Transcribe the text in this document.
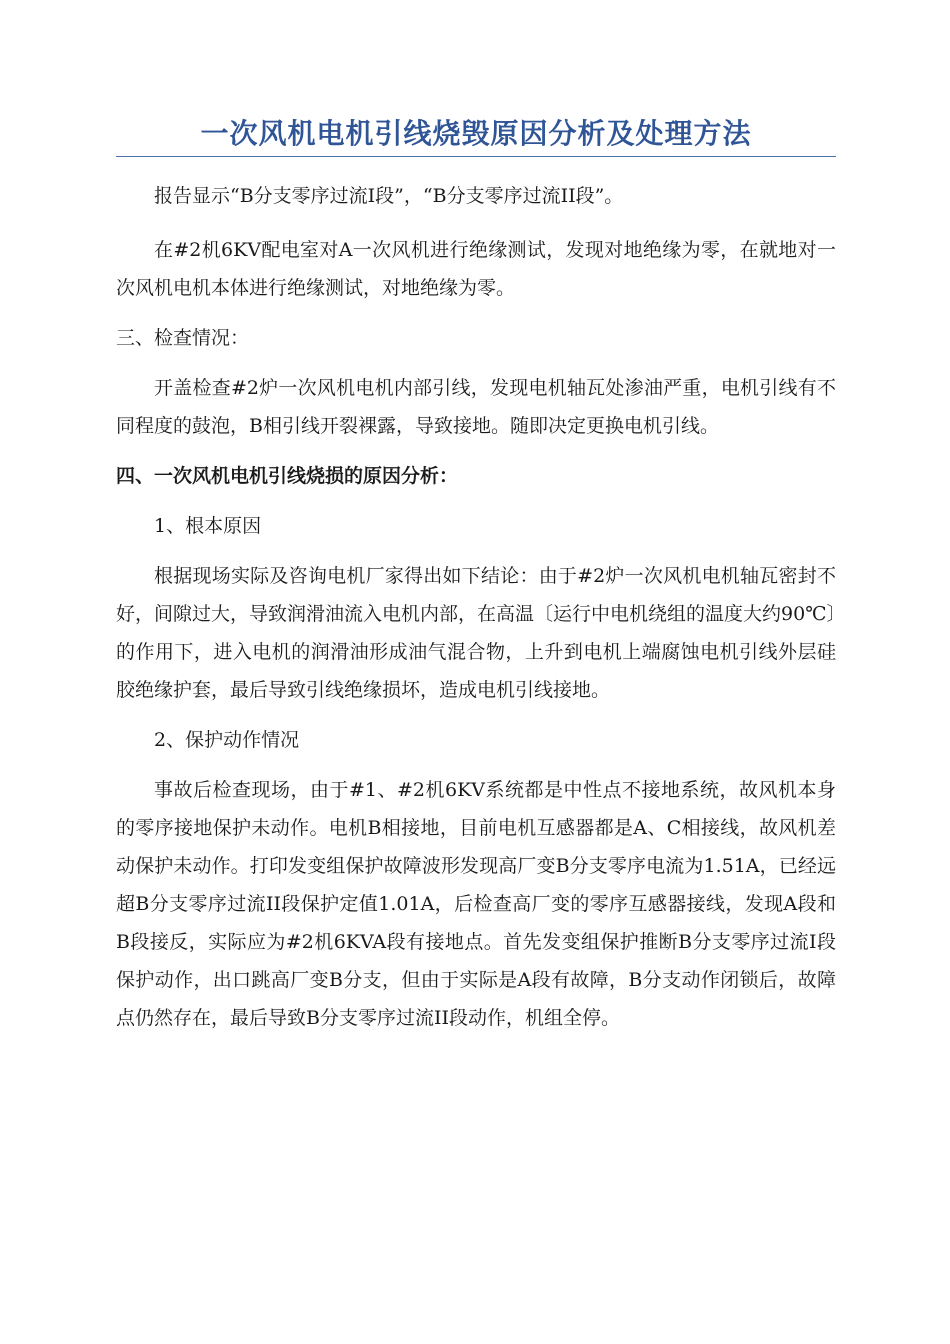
一次风机电机引线烧毁原因分析及处理方法

报告显示“B分支零序过流I段”，“B分支零序过流II段”。

在#2机6KV配电室对A一次风机进行绝缘测试，发现对地绝缘为零，在就地对一次风机电机本体进行绝缘测试，对地绝缘为零。

三、检查情况：

开盖检查#2炉一次风机电机内部引线，发现电机轴瓦处渗油严重，电机引线有不同程度的鼓泡，B相引线开裂裸露，导致接地。随即决定更换电机引线。

四、一次风机电机引线烧损的原因分析：

1、根本原因

根据现场实际及咨询电机厂家得出如下结论：由于#2炉一次风机电机轴瓦密封不好，间隙过大，导致润滑油流入电机内部，在高温〔运行中电机绕组的温度大约90℃〕的作用下，进入电机的润滑油形成油气混合物，上升到电机上端腐蚀电机引线外层硅胶绝缘护套，最后导致引线绝缘损坏，造成电机引线接地。

2、保护动作情况

事故后检查现场，由于#1、#2机6KV系统都是中性点不接地系统，故风机本身的零序接地保护未动作。电机B相接地，目前电机互感器都是A、C相接线，故风机差动保护未动作。打印发变组保护故障波形发现高厂变B分支零序电流为1.51A，已经远超B分支零序过流II段保护定值1.01A，后检查高厂变的零序互感器接线，发现A段和B段接反，实际应为#2机6KVA段有接地点。首先发变组保护推断B分支零序过流I段保护动作，出口跳高厂变B分支，但由于实际是A段有故障，B分支动作闭锁后，故障点仍然存在，最后导致B分支零序过流II段动作，机组全停。
